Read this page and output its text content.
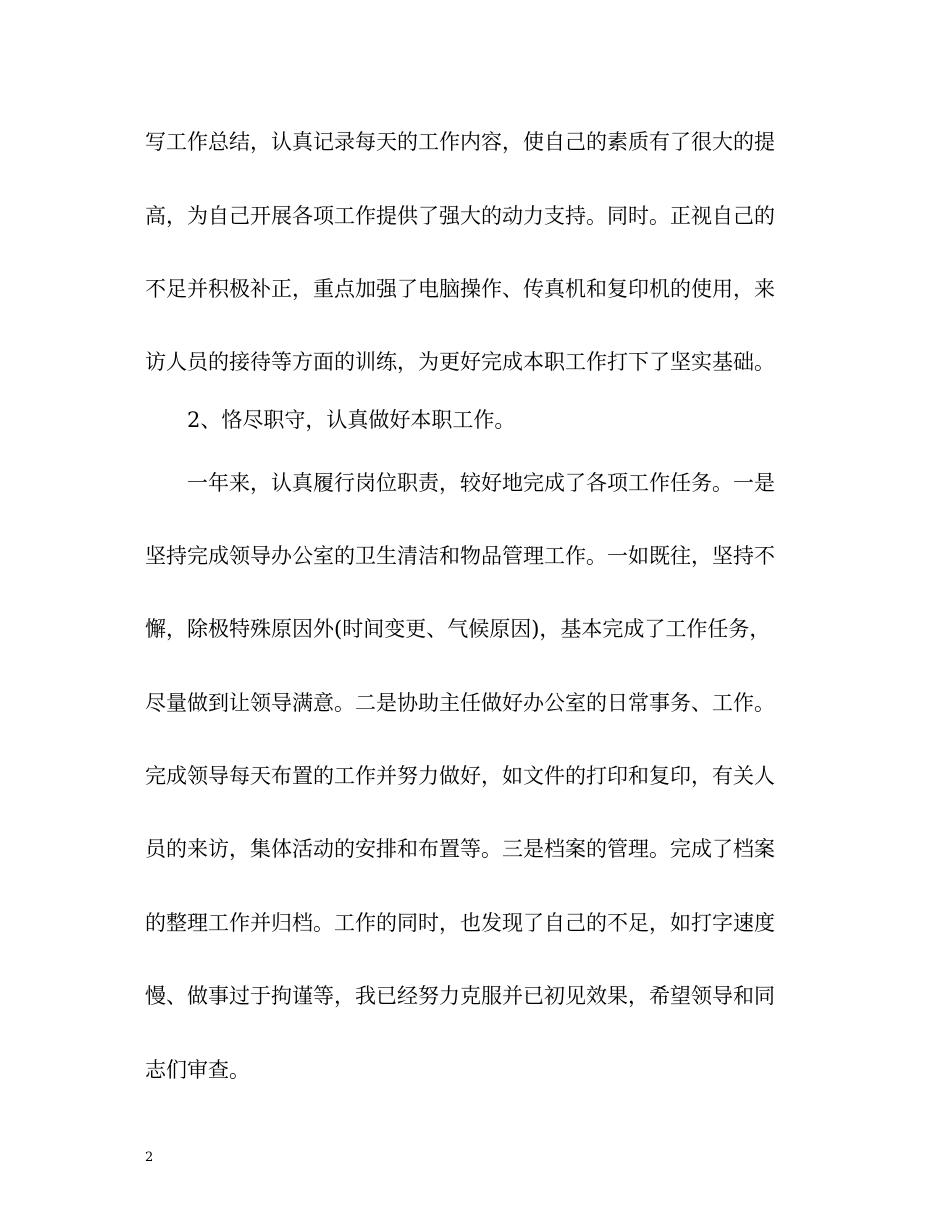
写工作总结，认真记录每天的工作内容，使自己的素质有了很大的提
高，为自己开展各项工作提供了强大的动力支持。同时。正视自己的
不足并积极补正，重点加强了电脑操作、传真机和复印机的使用，来
访人员的接待等方面的训练，为更好完成本职工作打下了坚实基础。
2、恪尽职守，认真做好本职工作。
一年来，认真履行岗位职责，较好地完成了各项工作任务。一是
坚持完成领导办公室的卫生清洁和物品管理工作。一如既往，坚持不
懈，除极特殊原因外(时间变更、气候原因)，基本完成了工作任务，
尽量做到让领导满意。二是协助主任做好办公室的日常事务、工作。
完成领导每天布置的工作并努力做好，如文件的打印和复印，有关人
员的来访，集体活动的安排和布置等。三是档案的管理。完成了档案
的整理工作并归档。工作的同时，也发现了自己的不足，如打字速度
慢、做事过于拘谨等，我已经努力克服并已初见效果，希望领导和同
志们审查。
2
